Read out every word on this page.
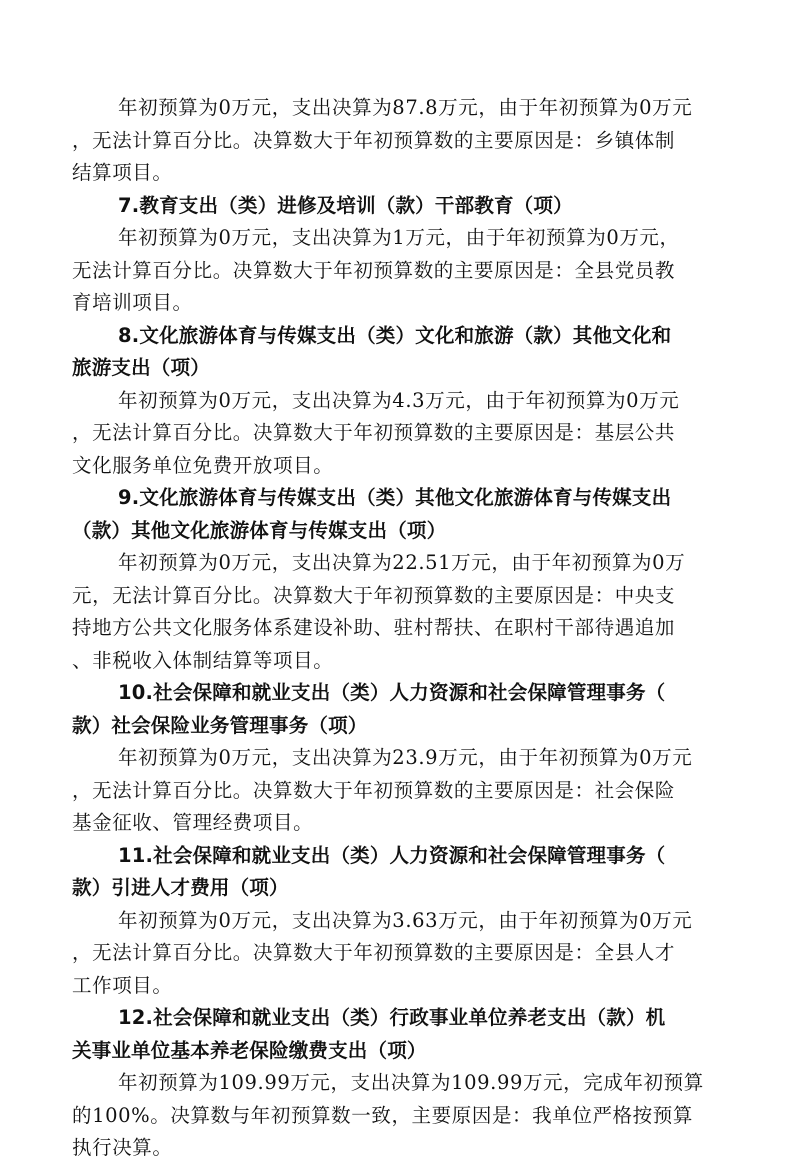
年初预算为0万元，支出决算为87.8万元，由于年初预算为0万元

，无法计算百分比。决算数大于年初预算数的主要原因是：乡镇体制

结算项目。

7.教育支出（类）进修及培训（款）干部教育（项）

年初预算为0万元，支出决算为1万元，由于年初预算为0万元，

无法计算百分比。决算数大于年初预算数的主要原因是：全县党员教

育培训项目。

8.文化旅游体育与传媒支出（类）文化和旅游（款）其他文化和

旅游支出（项）

年初预算为0万元，支出决算为4.3万元，由于年初预算为0万元

，无法计算百分比。决算数大于年初预算数的主要原因是：基层公共

文化服务单位免费开放项目。

9.文化旅游体育与传媒支出（类）其他文化旅游体育与传媒支出

（款）其他文化旅游体育与传媒支出（项）

年初预算为0万元，支出决算为22.51万元，由于年初预算为0万

元，无法计算百分比。决算数大于年初预算数的主要原因是：中央支

持地方公共文化服务体系建设补助、驻村帮扶、在职村干部待遇追加

、非税收入体制结算等项目。

10.社会保障和就业支出（类）人力资源和社会保障管理事务（

款）社会保险业务管理事务（项）

年初预算为0万元，支出决算为23.9万元，由于年初预算为0万元

，无法计算百分比。决算数大于年初预算数的主要原因是：社会保险

基金征收、管理经费项目。

11.社会保障和就业支出（类）人力资源和社会保障管理事务（

款）引进人才费用（项）

年初预算为0万元，支出决算为3.63万元，由于年初预算为0万元

，无法计算百分比。决算数大于年初预算数的主要原因是：全县人才

工作项目。

12.社会保障和就业支出（类）行政事业单位养老支出（款）机

关事业单位基本养老保险缴费支出（项）

年初预算为109.99万元，支出决算为109.99万元，完成年初预算

的100%。决算数与年初预算数一致，主要原因是：我单位严格按预算

执行决算。
